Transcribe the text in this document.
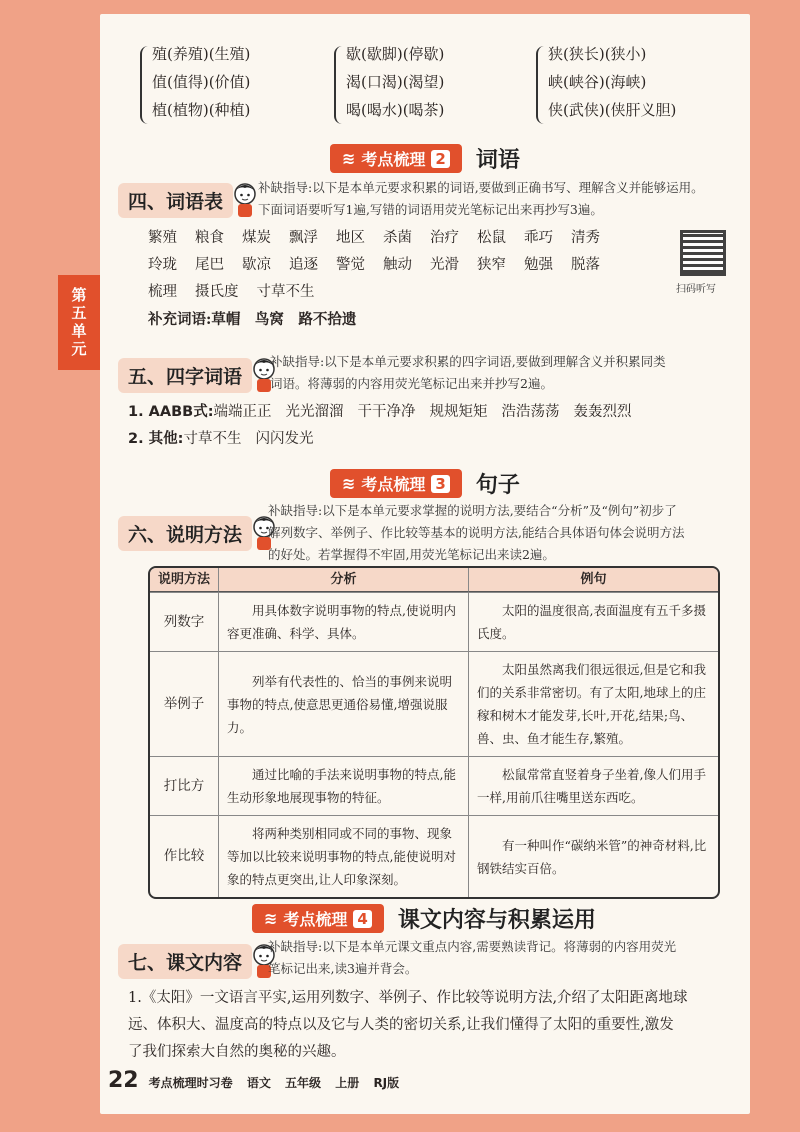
第五单元
殖(养殖)(生殖)
值(值得)(价值)
植(植物)(种植)
歇(歇脚)(停歇)
渴(口渴)(渴望)
喝(喝水)(喝茶)
狭(狭长)(狭小)
峡(峡谷)(海峡)
侠(武侠)(侠肝义胆)
≋ 考点梳理 2 词语
四、词语表
补缺指导:以下是本单元要求积累的词语,要做到正确书写、理解含义并能够运用。
下面词语要听写1遍,写错的词语用荧光笔标记出来再抄写3遍。
繁殖 粮食 煤炭 飘浮 地区 杀菌 治疗 松鼠 乖巧 清秀
玲珑 尾巴 歇凉 追逐 警觉 触动 光滑 狭窄 勉强 脱落
梳理 摄氏度 寸草不生
补充词语:草帽　鸟窝　路不拾遗
扫码听写
五、四字词语
补缺指导:以下是本单元要求积累的四字词语,要做到理解含义并积累同类
词语。将薄弱的内容用荧光笔标记出来并抄写2遍。
1. AABB式:端端正正 光光溜溜 干干净净 规规矩矩 浩浩荡荡 轰轰烈烈
2. 其他:寸草不生 闪闪发光
≋ 考点梳理 3 句子
六、说明方法
补缺指导:以下是本单元要求掌握的说明方法,要结合“分析”及“例句”初步了
解列数字、举例子、作比较等基本的说明方法,能结合具体语句体会说明方法
的好处。若掌握得不牢固,用荧光笔标记出来读2遍。
说明方法	分析	例句
列数字	用具体数字说明事物的特点,使说明内容更准确、科学、具体。	太阳的温度很高,表面温度有五千多摄氏度。
举例子	列举有代表性的、恰当的事例来说明事物的特点,使意思更通俗易懂,增强说服力。	太阳虽然离我们很远很远,但是它和我们的关系非常密切。有了太阳,地球上的庄稼和树木才能发芽,长叶,开花,结果;鸟、兽、虫、鱼才能生存,繁殖。
打比方	通过比喻的手法来说明事物的特点,能生动形象地展现事物的特征。	松鼠常常直竖着身子坐着,像人们用手一样,用前爪往嘴里送东西吃。
作比较	将两种类别相同或不同的事物、现象等加以比较来说明事物的特点,能使说明对象的特点更突出,让人印象深刻。	有一种叫作“碳纳米管”的神奇材料,比钢铁结实百倍。
≋ 考点梳理 4 课文内容与积累运用
七、课文内容
补缺指导:以下是本单元课文重点内容,需要熟读背记。将薄弱的内容用荧光
笔标记出来,读3遍并背会。
1.《太阳》一文语言平实,运用列数字、举例子、作比较等说明方法,介绍了太阳距离地球
远、体积大、温度高的特点以及它与人类的密切关系,让我们懂得了太阳的重要性,激发
了我们探索大自然的奥秘的兴趣。
22 考点梳理时习卷 语文 五年级 上册 RJ版
